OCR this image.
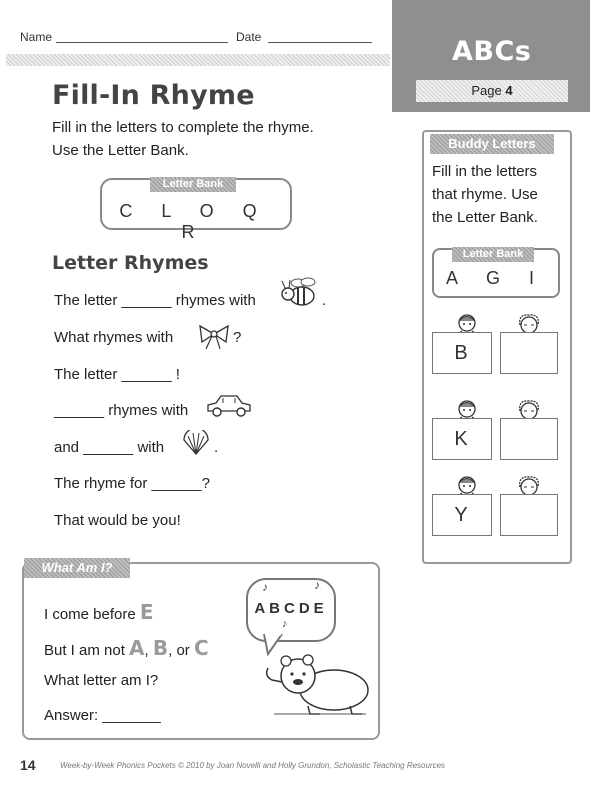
Name	Date	ABCs
Page 4
Fill-In Rhyme
Fill in the letters to complete the rhyme.
Use the Letter Bank.
Letter Bank
C L O Q R
Letter Rhymes
The letter ______ rhymes with	.
What rhymes with	?
The letter ______ !
______ rhymes with
and ______ with	.
The rhyme for ______?
That would be you!
Buddy Letters
Fill in the letters
that rhyme. Use
the Letter Bank.
Letter Bank
A G I
B
K
Y
What Am I?
I come before E
But I am not A, B, or C
What letter am I?
Answer: _______
ABCDE
♪	♪
♪
14	Week-by-Week Phonics Pockets © 2010 by Joan Novelli and Holly Grundon, Scholastic Teaching Resources
